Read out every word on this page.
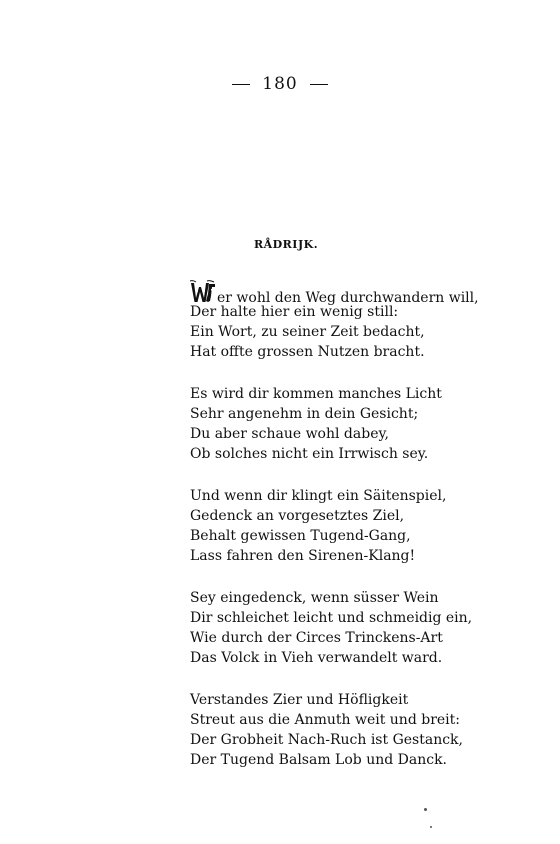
180
RÅDRIJK.
er wohl den Weg durchwandern will,
Der halte hier ein wenig still:
Ein Wort, zu seiner Zeit bedacht,
Hat offte grossen Nutzen bracht.
Es wird dir kommen manches Licht
Sehr angenehm in dein Gesicht;
Du aber schaue wohl dabey,
Ob solches nicht ein Irrwisch sey.
Und wenn dir klingt ein Säitenspiel,
Gedenck an vorgesetztes Ziel,
Behalt gewissen Tugend-Gang,
Lass fahren den Sirenen-Klang!
Sey eingedenck, wenn süsser Wein
Dir schleichet leicht und schmeidig ein,
Wie durch der Circes Trinckens-Art
Das Volck in Vieh verwandelt ward.
Verstandes Zier und Höfligkeit
Streut aus die Anmuth weit und breit:
Der Grobheit Nach-Ruch ist Gestanck,
Der Tugend Balsam Lob und Danck.
